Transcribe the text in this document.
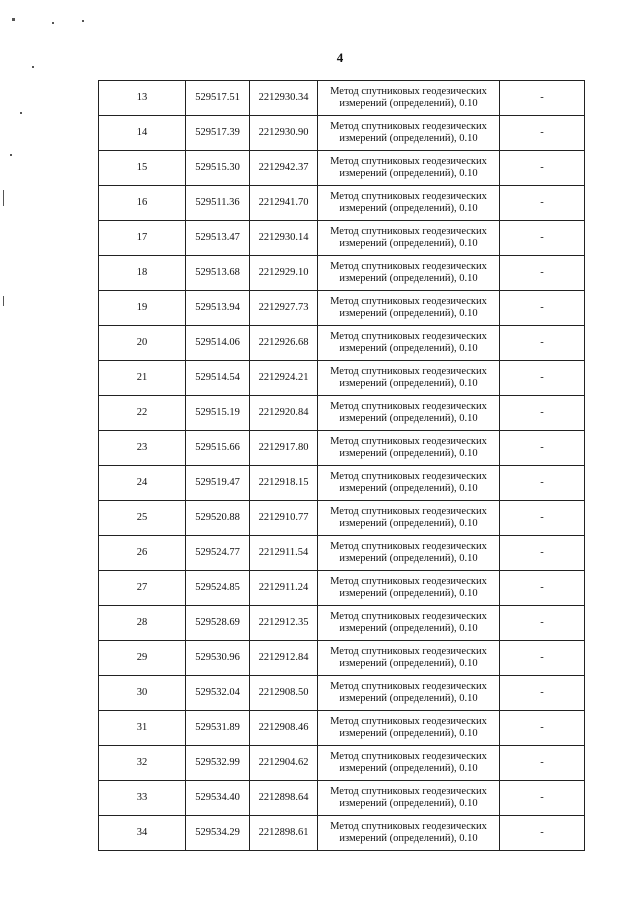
4
13	529517.51	2212930.34	Метод спутниковых геодезических
измерений (определений), 0.10	-
14	529517.39	2212930.90	Метод спутниковых геодезических
измерений (определений), 0.10	-
15	529515.30	2212942.37	Метод спутниковых геодезических
измерений (определений), 0.10	-
16	529511.36	2212941.70	Метод спутниковых геодезических
измерений (определений), 0.10	-
17	529513.47	2212930.14	Метод спутниковых геодезических
измерений (определений), 0.10	-
18	529513.68	2212929.10	Метод спутниковых геодезических
измерений (определений), 0.10	-
19	529513.94	2212927.73	Метод спутниковых геодезических
измерений (определений), 0.10	-
20	529514.06	2212926.68	Метод спутниковых геодезических
измерений (определений), 0.10	-
21	529514.54	2212924.21	Метод спутниковых геодезических
измерений (определений), 0.10	-
22	529515.19	2212920.84	Метод спутниковых геодезических
измерений (определений), 0.10	-
23	529515.66	2212917.80	Метод спутниковых геодезических
измерений (определений), 0.10	-
24	529519.47	2212918.15	Метод спутниковых геодезических
измерений (определений), 0.10	-
25	529520.88	2212910.77	Метод спутниковых геодезических
измерений (определений), 0.10	-
26	529524.77	2212911.54	Метод спутниковых геодезических
измерений (определений), 0.10	-
27	529524.85	2212911.24	Метод спутниковых геодезических
измерений (определений), 0.10	-
28	529528.69	2212912.35	Метод спутниковых геодезических
измерений (определений), 0.10	-
29	529530.96	2212912.84	Метод спутниковых геодезических
измерений (определений), 0.10	-
30	529532.04	2212908.50	Метод спутниковых геодезических
измерений (определений), 0.10	-
31	529531.89	2212908.46	Метод спутниковых геодезических
измерений (определений), 0.10	-
32	529532.99	2212904.62	Метод спутниковых геодезических
измерений (определений), 0.10	-
33	529534.40	2212898.64	Метод спутниковых геодезических
измерений (определений), 0.10	-
34	529534.29	2212898.61	Метод спутниковых геодезических
измерений (определений), 0.10	-
